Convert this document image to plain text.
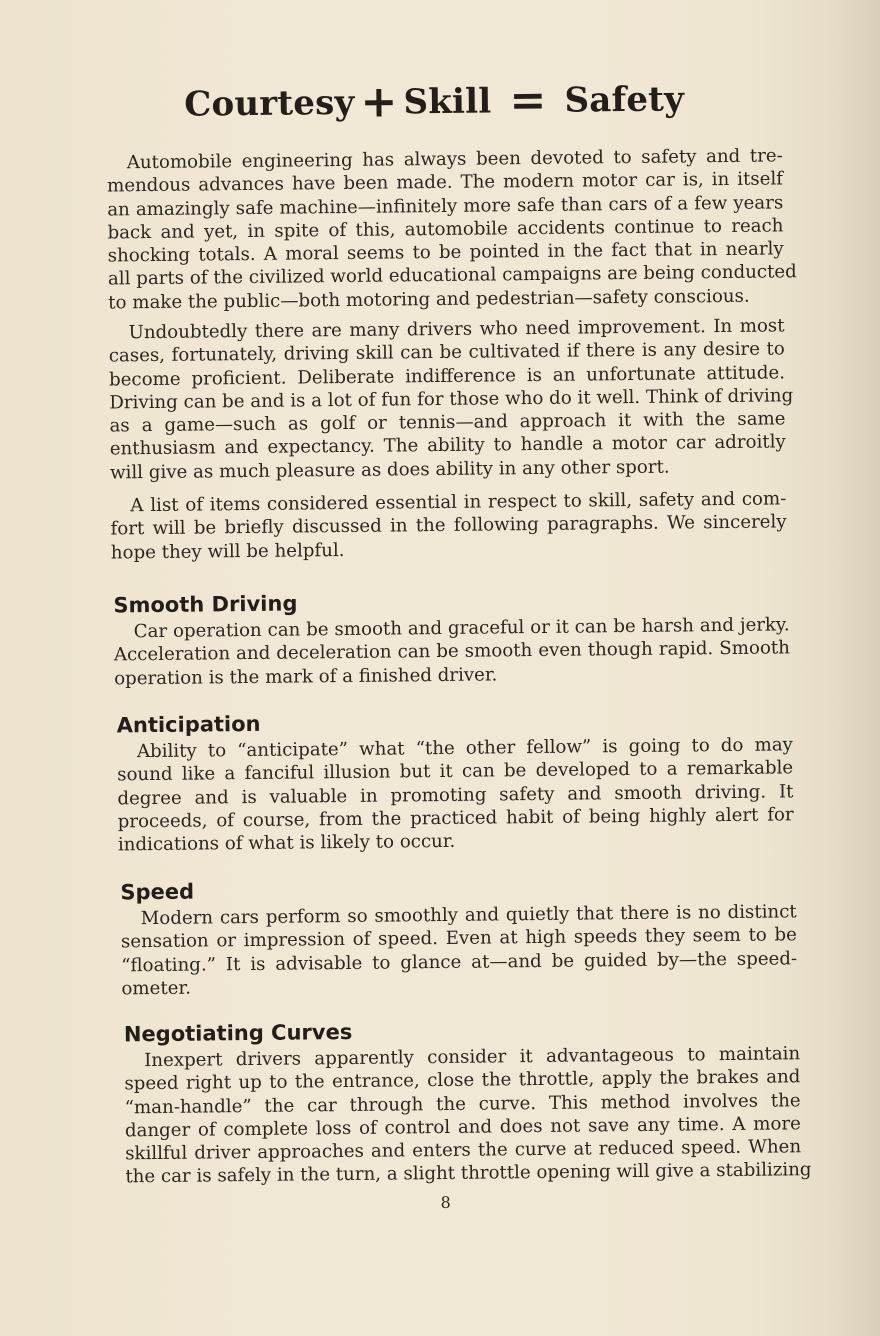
Courtesy + Skill = Safety
Automobile engineering has always been devoted to safety and tre-
mendous advances have been made. The modern motor car is, in itself
an amazingly safe machine—infinitely more safe than cars of a few years
back and yet, in spite of this, automobile accidents continue to reach
shocking totals. A moral seems to be pointed in the fact that in nearly
all parts of the civilized world educational campaigns are being conducted
to make the public—both motoring and pedestrian—safety conscious.
Undoubtedly there are many drivers who need improvement. In most
cases, fortunately, driving skill can be cultivated if there is any desire to
become proficient. Deliberate indifference is an unfortunate attitude.
Driving can be and is a lot of fun for those who do it well. Think of driving
as a game—such as golf or tennis—and approach it with the same
enthusiasm and expectancy. The ability to handle a motor car adroitly
will give as much pleasure as does ability in any other sport.
A list of items considered essential in respect to skill, safety and com-
fort will be briefly discussed in the following paragraphs. We sincerely
hope they will be helpful.
Smooth Driving
Car operation can be smooth and graceful or it can be harsh and jerky.
Acceleration and deceleration can be smooth even though rapid. Smooth
operation is the mark of a finished driver.
Anticipation
Ability to “anticipate” what “the other fellow” is going to do may
sound like a fanciful illusion but it can be developed to a remarkable
degree and is valuable in promoting safety and smooth driving. It
proceeds, of course, from the practiced habit of being highly alert for
indications of what is likely to occur.
Speed
Modern cars perform so smoothly and quietly that there is no distinct
sensation or impression of speed. Even at high speeds they seem to be
“floating.” It is advisable to glance at—and be guided by—the speed-
ometer.
Negotiating Curves
Inexpert drivers apparently consider it advantageous to maintain
speed right up to the entrance, close the throttle, apply the brakes and
“man-handle” the car through the curve. This method involves the
danger of complete loss of control and does not save any time. A more
skillful driver approaches and enters the curve at reduced speed. When
the car is safely in the turn, a slight throttle opening will give a stabilizing
8
